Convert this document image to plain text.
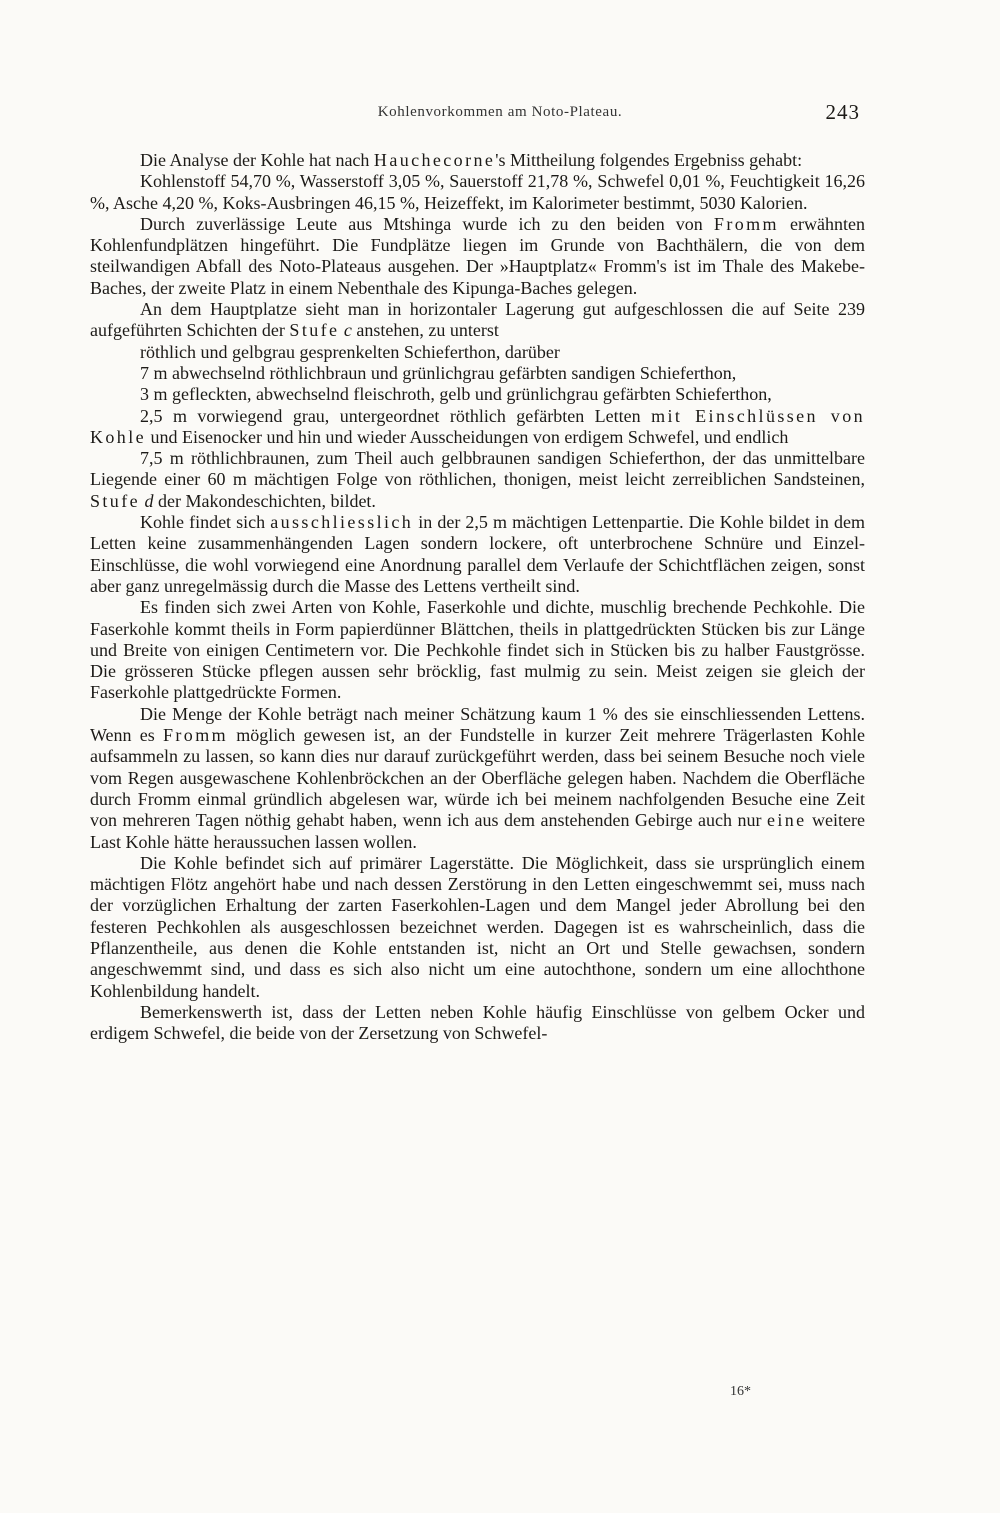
Kohlenvorkommen am Noto-Plateau.	243

Die Analyse der Kohle hat nach Hauchecorne's Mittheilung folgendes Ergebniss gehabt:

Kohlenstoff 54,70 %, Wasserstoff 3,05 %, Sauerstoff 21,78 %, Schwefel 0,01 %, Feuchtigkeit 16,26 %, Asche 4,20 %, Koks-Ausbringen 46,15 %, Heizeffekt, im Kalorimeter bestimmt, 5030 Kalorien.

Durch zuverlässige Leute aus Mtshinga wurde ich zu den beiden von Fromm erwähnten Kohlenfundplätzen hingeführt. Die Fundplätze liegen im Grunde von Bachthälern, die von dem steilwandigen Abfall des Noto-Plateaus ausgehen. Der »Hauptplatz« Fromm's ist im Thale des Makebe-Baches, der zweite Platz in einem Nebenthale des Kipunga-Baches gelegen.

An dem Hauptplatze sieht man in horizontaler Lagerung gut aufgeschlossen die auf Seite 239 aufgeführten Schichten der Stufe c anstehen, zu unterst

röthlich und gelbgrau gesprenkelten Schieferthon, darüber

7 m abwechselnd röthlichbraun und grünlichgrau gefärbten sandigen Schieferthon,

3 m gefleckten, abwechselnd fleischroth, gelb und grünlichgrau gefärbten Schieferthon,

2,5 m vorwiegend grau, untergeordnet röthlich gefärbten Letten mit Einschlüssen von Kohle und Eisenocker und hin und wieder Ausscheidungen von erdigem Schwefel, und endlich

7,5 m röthlichbraunen, zum Theil auch gelbbraunen sandigen Schieferthon, der das unmittelbare Liegende einer 60 m mächtigen Folge von röthlichen, thonigen, meist leicht zerreiblichen Sandsteinen, Stufe d der Makondeschichten, bildet.

Kohle findet sich ausschliesslich in der 2,5 m mächtigen Lettenpartie. Die Kohle bildet in dem Letten keine zusammenhängenden Lagen sondern lockere, oft unterbrochene Schnüre und Einzel-Einschlüsse, die wohl vorwiegend eine Anordnung parallel dem Verlaufe der Schichtflächen zeigen, sonst aber ganz unregelmässig durch die Masse des Lettens vertheilt sind.

Es finden sich zwei Arten von Kohle, Faserkohle und dichte, muschlig brechende Pechkohle. Die Faserkohle kommt theils in Form papierdünner Blättchen, theils in plattgedrückten Stücken bis zur Länge und Breite von einigen Centimetern vor. Die Pechkohle findet sich in Stücken bis zu halber Faustgrösse. Die grösseren Stücke pflegen aussen sehr bröcklig, fast mulmig zu sein. Meist zeigen sie gleich der Faserkohle plattgedrückte Formen.

Die Menge der Kohle beträgt nach meiner Schätzung kaum 1 % des sie einschliessenden Lettens. Wenn es Fromm möglich gewesen ist, an der Fundstelle in kurzer Zeit mehrere Trägerlasten Kohle aufsammeln zu lassen, so kann dies nur darauf zurückgeführt werden, dass bei seinem Besuche noch viele vom Regen ausgewaschene Kohlenbröckchen an der Oberfläche gelegen haben. Nachdem die Oberfläche durch Fromm einmal gründlich abgelesen war, würde ich bei meinem nachfolgenden Besuche eine Zeit von mehreren Tagen nöthig gehabt haben, wenn ich aus dem anstehenden Gebirge auch nur eine weitere Last Kohle hätte heraussuchen lassen wollen.

Die Kohle befindet sich auf primärer Lagerstätte. Die Möglichkeit, dass sie ursprünglich einem mächtigen Flötz angehört habe und nach dessen Zerstörung in den Letten eingeschwemmt sei, muss nach der vorzüglichen Erhaltung der zarten Faserkohlen-Lagen und dem Mangel jeder Abrollung bei den festeren Pechkohlen als ausgeschlossen bezeichnet werden. Dagegen ist es wahrscheinlich, dass die Pflanzentheile, aus denen die Kohle entstanden ist, nicht an Ort und Stelle gewachsen, sondern angeschwemmt sind, und dass es sich also nicht um eine autochthone, sondern um eine allochthone Kohlenbildung handelt.

Bemerkenswerth ist, dass der Letten neben Kohle häufig Einschlüsse von gelbem Ocker und erdigem Schwefel, die beide von der Zersetzung von Schwefel-

16*
